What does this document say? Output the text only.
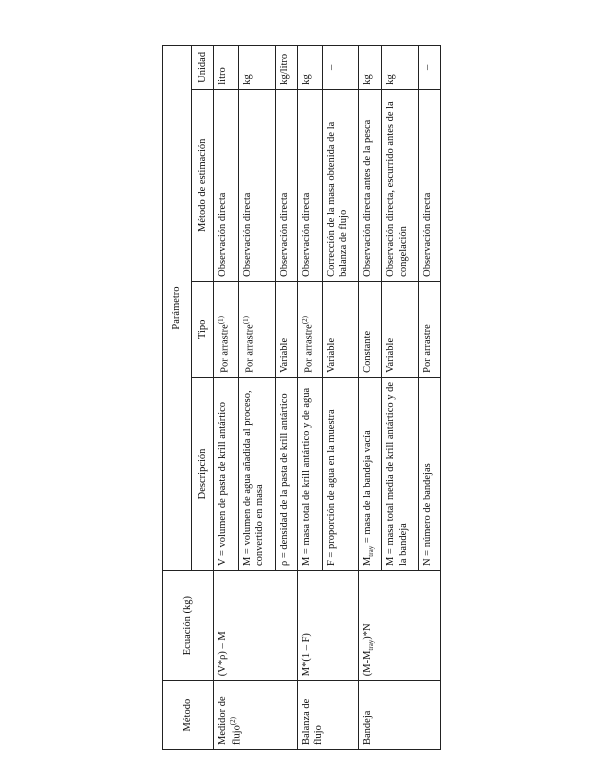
Método	Ecuación (kg)	Parámetro			
		Descripción	Tipo	Método de estimación	Unidad
Medidor de flujo$^{(2)}$	(V*ρ) – M	V = volumen de pasta de krill antártico	Por arrastre$^{(1)}$	Observación directa	litro
		M = volumen de agua añadida al proceso, convertido en masa	Por arrastre$^{(1)}$	Observación directa	kg
		ρ = densidad de la pasta de krill antártico	Variable	Observación directa	kg/litro
Balanza de flujo	M*(1 – F)	M = masa total de krill antártico y de agua	Por arrastre$^{(2)}$	Observación directa	kg
		F = proporción de agua en la muestra	Variable	Corrección de la masa obtenida de la balanza de flujo	–
Bandeja	$(M-M_{tray})*N$	$M_{tray}$ = masa de la bandeja vacía	Constante	Observación directa antes de la pesca	kg
		M = masa total media de krill antártico y de la bandeja	Variable	Observación directa, escurrido antes de la congelación	kg
		N = número de bandejas	Por arrastre	Observación directa	–
